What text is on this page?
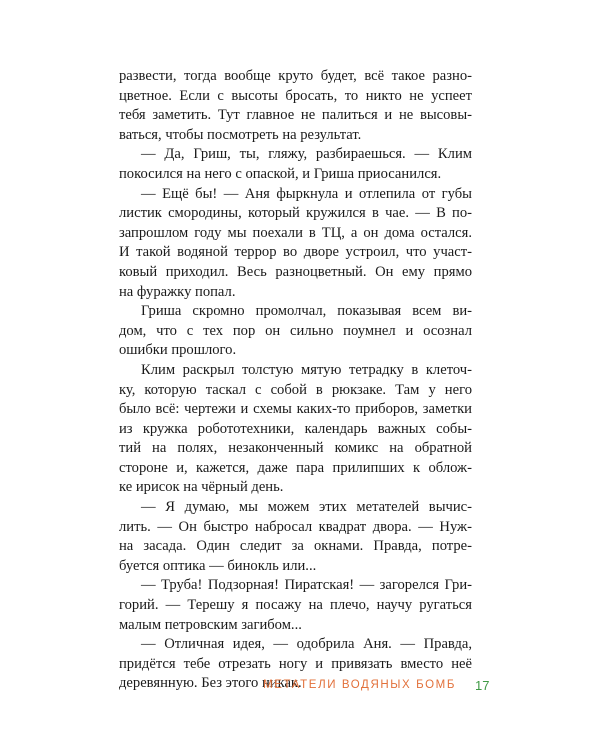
развести, тогда вообще круто будет, всё такое разно-
цветное. Если с высоты бросать, то никто не успеет
тебя заметить. Тут главное не палиться и не высовы-
ваться, чтобы посмотреть на результат.
— Да, Гриш, ты, гляжу, разбираешься. — Клим
покосился на него с опаской, и Гриша приосанился.
— Ещё бы! — Аня фыркнула и отлепила от губы
листик смородины, который кружился в чае. — В по-
запрошлом году мы поехали в ТЦ, а он дома остался.
И такой водяной террор во дворе устроил, что участ-
ковый приходил. Весь разноцветный. Он ему прямо
на фуражку попал.
Гриша скромно промолчал, показывая всем ви-
дом, что с тех пор он сильно поумнел и осознал
ошибки прошлого.
Клим раскрыл толстую мятую тетрадку в клеточ-
ку, которую таскал с собой в рюкзаке. Там у него
было всё: чертежи и схемы каких-то приборов, заметки
из кружка робототехники, календарь важных собы-
тий на полях, незаконченный комикс на обратной
стороне и, кажется, даже пара прилипших к облож-
ке ирисок на чёрный день.
— Я думаю, мы можем этих метателей вычис-
лить. — Он быстро набросал квадрат двора. — Нуж-
на засада. Один следит за окнами. Правда, потре-
буется оптика — бинокль или...
— Труба! Подзорная! Пиратская! — загорелся Гри-
горий. — Терешу я посажу на плечо, научу ругаться
малым петровским загибом...
— Отличная идея, — одобрила Аня. — Правда,
придётся тебе отрезать ногу и привязать вместо неё
деревянную. Без этого никак.
МЕТАТЕЛИ ВОДЯНЫХ БОМБ 17
